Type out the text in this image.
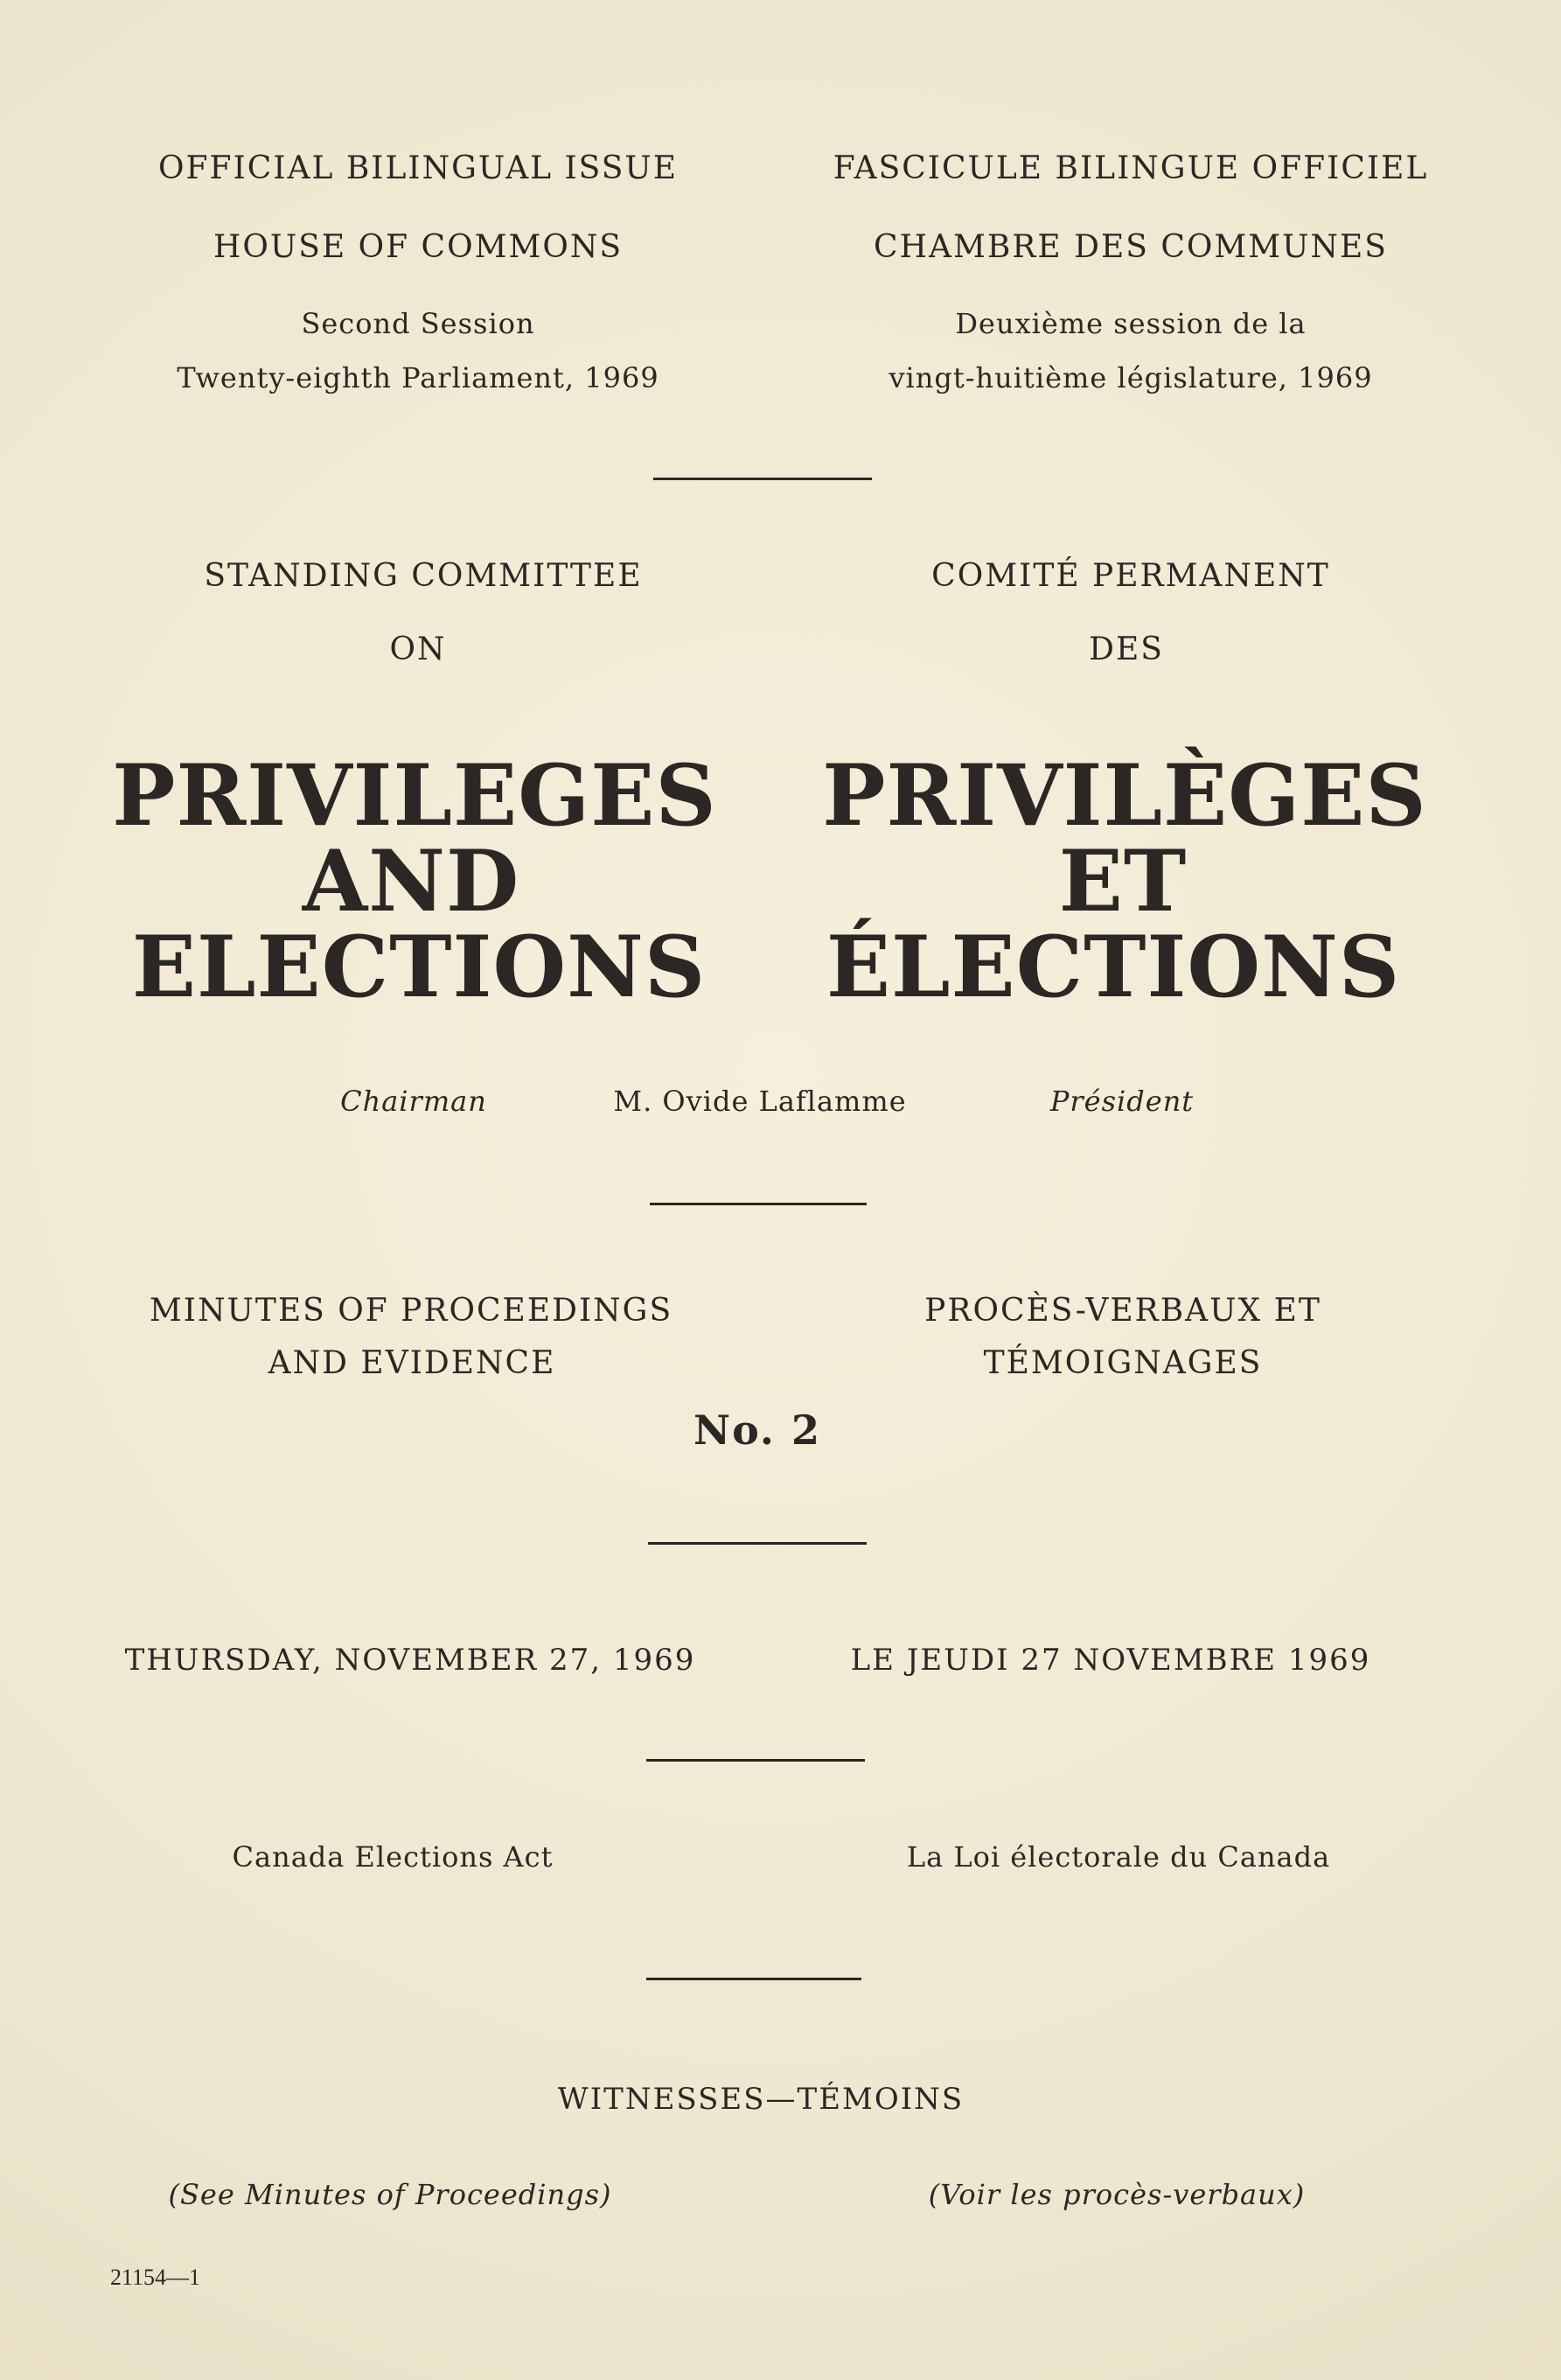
OFFICIAL BILINGUAL ISSUE	FASCICULE BILINGUE OFFICIEL
HOUSE OF COMMONS	CHAMBRE DES COMMUNES
Second Session
Twenty-eighth Parliament, 1969
Deuxième session de la
vingt-huitième législature, 1969
STANDING COMMITTEE
ON
COMITÉ PERMANENT
DES
PRIVILEGES
AND
ELECTIONS
PRIVILÈGES
ET
ÉLECTIONS
Chairman	M. Ovide Laflamme	Président
MINUTES OF PROCEEDINGS
AND EVIDENCE
PROCÈS-VERBAUX ET
TÉMOIGNAGES
No. 2
THURSDAY, NOVEMBER 27, 1969	LE JEUDI 27 NOVEMBRE 1969
Canada Elections Act	La Loi électorale du Canada
WITNESSES—TÉMOINS
(See Minutes of Proceedings)	(Voir les procès-verbaux)
21154—1
